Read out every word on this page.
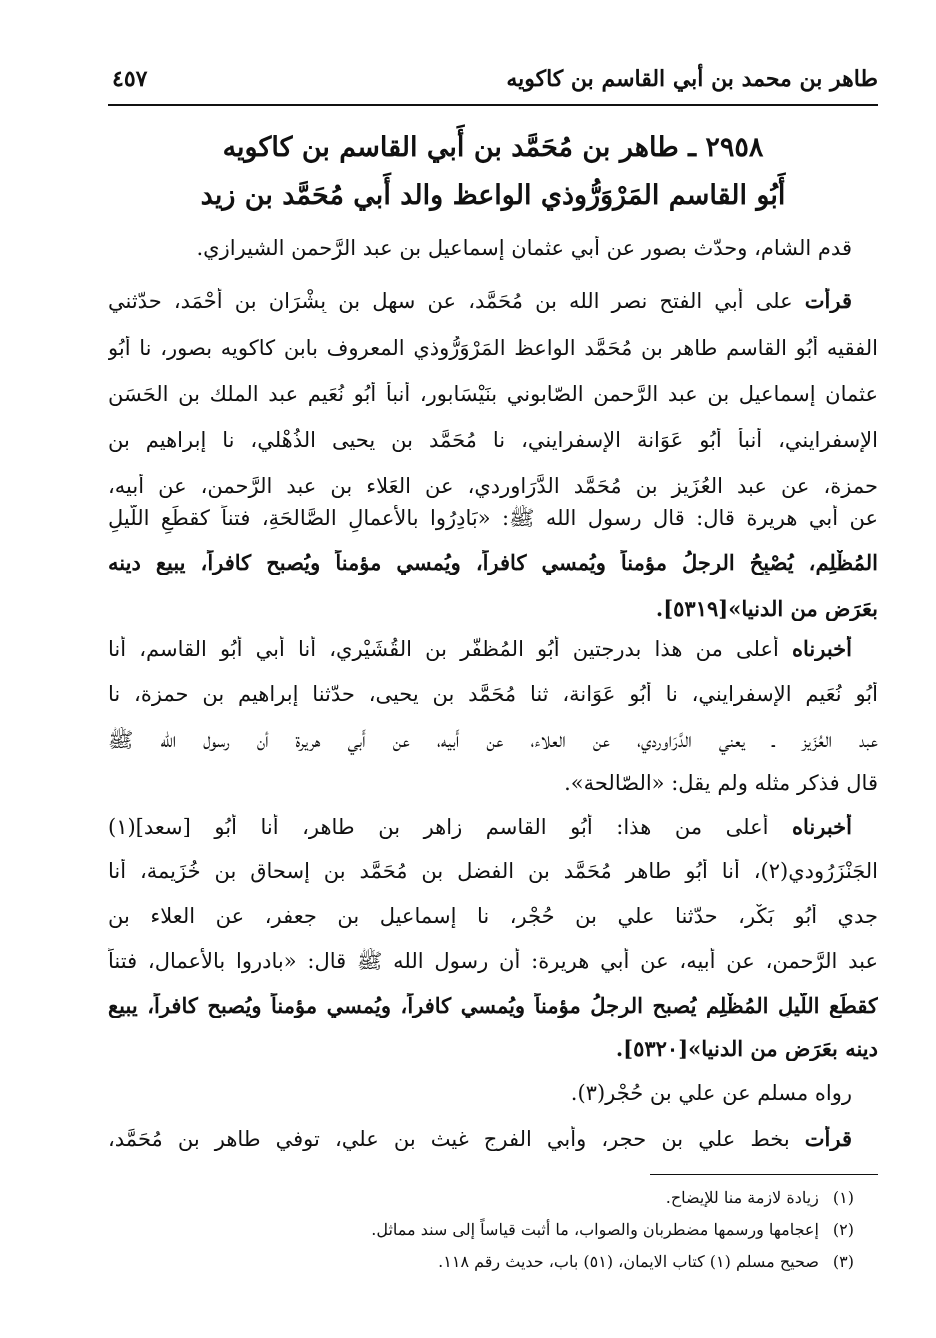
طاهر بن محمد بن أبي القاسم بن كاكويه
٤٥٧
٢٩٥٨ ـ طاهر بن مُحَمَّد بن أَبي القاسم بن كاكويه
أَبُو القاسم المَرْوَرُّوذي الواعظ والد أَبي مُحَمَّد بن زيد
قدم الشام، وحدّث بصور عن أَبي عثمان إسماعيل بن عبد الرَّحمن الشيرازي.
قرأت على أَبي الفتح نصر الله بن مُحَمَّد، عن سهل بن بِشْرَان بن أَحْمَد، حدّثني
الفقيه أَبُو القاسم طاهر بن مُحَمَّد الواعظ المَرْوَرُّوذي المعروف بابن كاكويه بصور، نا أَبُو
عثمان إسماعيل بن عبد الرَّحمن الصّابوني بنَيْسَابور، أنبأ أَبُو نُعَيم عبد الملك بن الحَسَن
الإسفرايني، أنبأ أَبُو عَوَانة الإسفرايني، نا مُحَمَّد بن يحيى الذُهْلي، نا إبراهيم بن
حمزة، عن عبد العُزَيز بن مُحَمَّد الدَّرَاوردي، عن العَلاء بن عبد الرَّحمن، عن أَبيه،
عن أَبي هريرة قال: قال رسول الله ﷺ: «بَادِرُوا بالأعمالِ الصَّالحَةِ، فتناً كقطَعِ اللّيلِ
المُظْلِم، يُصْبِحُ الرجلُ مؤمناً ويُمسي كافراً، ويُمسي مؤمناً ويُصبح كافراً، يبيع دينه
بعَرَضٍ من الدنيا»[٥٣١٩].
أخبرناه أعلى من هذا بدرجتين أَبُو المُظفّر بن القُشَيْري، أَنا أَبي أَبُو القاسم، أَنا
أَبُو نُعَيم الإسفرايني، نا أَبُو عَوَانة، ثنا مُحَمَّد بن يحيى، حدّثنا إبراهيم بن حمزة، نا
عبد العُزَيز ـ يعني الدَّرَاوردي، عن العلاء، عن أَبيه، عن أَبي هريرة أن رسول الله ﷺ
قال فذكر مثله ولم يقل: «الصّالحة».
أخبرناه أعلى من هذا: أَبُو القاسم زاهر بن طاهر، أَنا أَبُو [سعد](١)
الجَنْزَرُودي(٢)، أَنا أَبُو طاهر مُحَمَّد بن الفضل بن مُحَمَّد بن إسحاق بن خُزَيمة، أَنا
جدي أَبُو بَكْر، حدّثنا علي بن حُجْر، نا إسماعيل بن جعفر، عن العلاء بن
عبد الرَّحمن، عن أَبيه، عن أَبي هريرة: أن رسول الله ﷺ قال: «بادروا بالأعمال، فتناً
كقطَعِ اللّيلِ المُظْلِم يُصبح الرجلُ مؤمناً ويُمسي كافراً، ويُمسي مؤمناً ويُصبح كافراً، يبيع
دينه بعَرَضٍ من الدنيا»[٥٣٢٠].
رواه مسلم عن علي بن حُجْر(٣).
قرأت بخط علي بن حجر، وأَبي الفرج غيث بن علي، توفي طاهر بن مُحَمَّد،
(١)زيادة لازمة منا للإيضاح.
(٢)إعجامها ورسمها مضطربان والصواب، ما أثبت قياساً إلى سند مماثل.
(٣)صحيح مسلم (١) كتاب الايمان، (٥١) باب، حديث رقم ١١٨.
